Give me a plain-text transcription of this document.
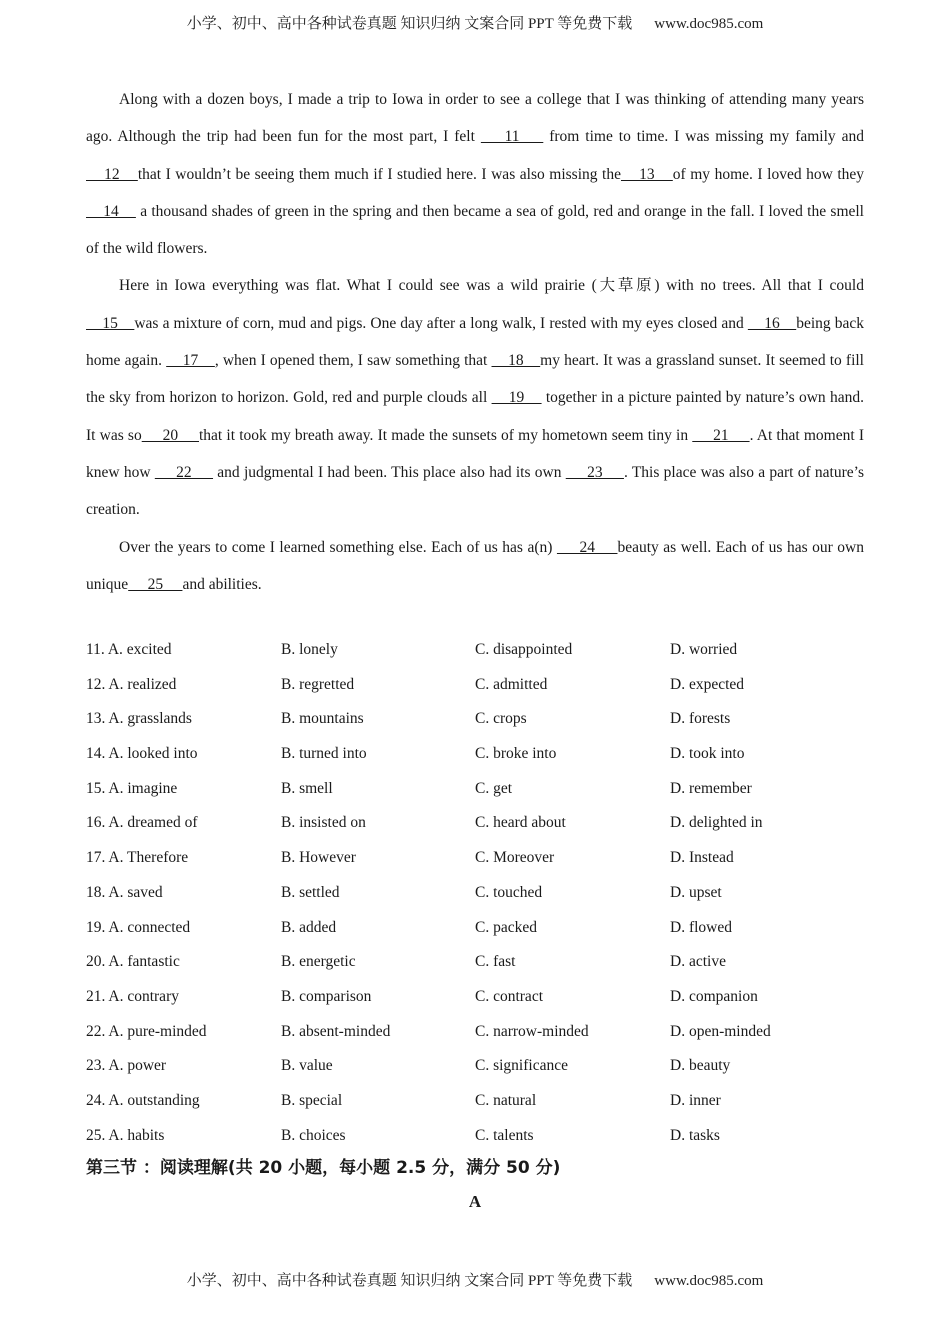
小学、初中、高中各种试卷真题 知识归纳 文案合同 PPT 等免费下载 www.doc985.com

Along with a dozen boys, I made a trip to Iowa in order to see a college that I was thinking of attending many years ago. Although the trip had been fun for the most part, I felt     11     from time to time. I was missing my family and     12    that I wouldn’t be seeing them much if I studied here. I was also missing the    13    of my home. I loved how they     14     a thousand shades of green in the spring and then became a sea of gold, red and orange in the fall. I loved the smell of the wild flowers.

Here in Iowa everything was flat. What I could see was a wild prairie (大草原) with no trees. All that I could     15    was a mixture of corn, mud and pigs. One day after a long walk, I rested with my eyes closed and     16    being back home again.     17    , when I opened them, I saw something that     18    my heart. It was a grassland sunset. It seemed to fill the sky from horizon to horizon. Gold, red and purple clouds all     19     together in a picture painted by nature’s own hand. It was so     20     that it took my breath away. It made the sunsets of my hometown seem tiny in      21     . At that moment I knew how      22      and judgmental I had been. This place also had its own      23     . This place was also a part of nature’s creation.

Over the years to come I learned something else. Each of us has a(n)      24     beauty as well. Each of us has our own unique     25     and abilities.

11. A. excited	B. lonely	C. disappointed	D. worried
12. A. realized	B. regretted	C. admitted	D. expected
13. A. grasslands	B. mountains	C. crops	D. forests
14. A. looked into	B. turned into	C. broke into	D. took into
15. A. imagine	B. smell	C. get	D. remember
16. A. dreamed of	B. insisted on	C. heard about	D. delighted in
17. A. Therefore	B. However	C. Moreover	D. Instead
18. A. saved	B. settled	C. touched	D. upset
19. A. connected	B. added	C. packed	D. flowed
20. A. fantastic	B. energetic	C. fast	D. active
21. A. contrary	B. comparison	C. contract	D. companion
22. A. pure-minded	B. absent-minded	C. narrow-minded	D. open-minded
23. A. power	B. value	C. significance	D. beauty
24. A. outstanding	B. special	C. natural	D. inner
25. A. habits	B. choices	C. talents	D. tasks
第三节 ：阅读理解(共 20 小题，每小题 2.5 分，满分 50 分)
A
小学、初中、高中各种试卷真题 知识归纳 文案合同 PPT 等免费下载 www.doc985.com
